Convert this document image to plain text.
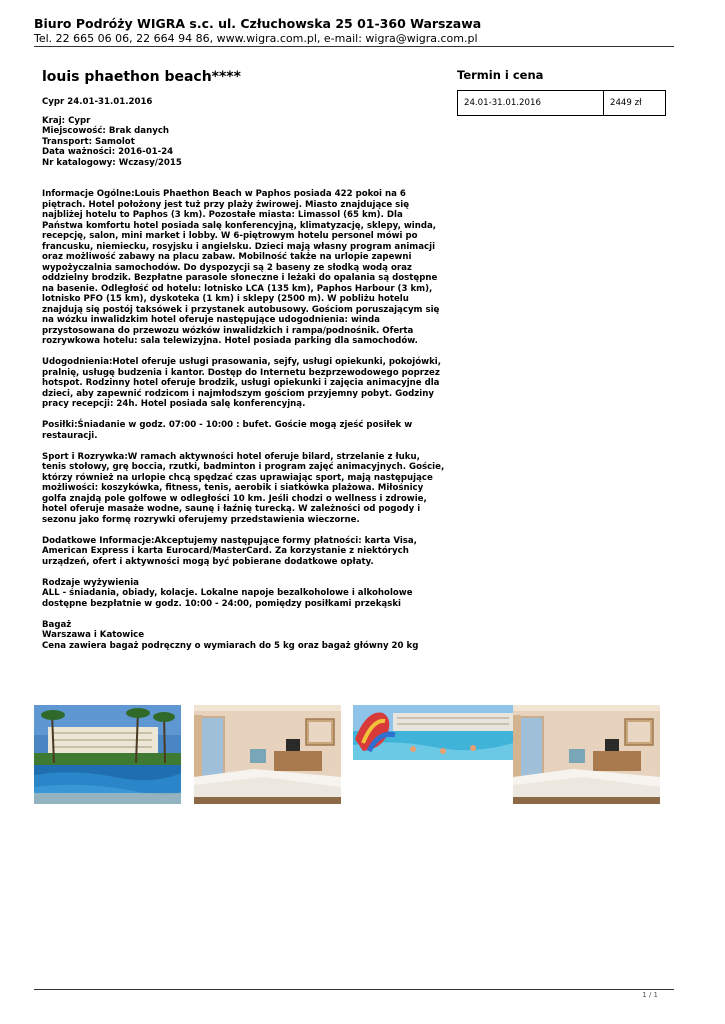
Biuro Podróży WIGRA s.c. ul. Człuchowska 25 01-360 Warszawa
Tel. 22 665 06 06, 22 664 94 86, www.wigra.com.pl, e-mail: wigra@wigra.com.pl
louis phaethon beach****
Cypr 24.01-31.01.2016
Kraj: Cypr
Miejscowość: Brak danych
Transport: Samolot
Data ważności: 2016-01-24
Nr katalogowy: Wczasy/2015
Informacje Ogólne:Louis Phaethon Beach w Paphos posiada 422 pokoi na 6
piętrach. Hotel położony jest tuż przy plaży żwirowej. Miasto znajdujące się
najbliżej hotelu to Paphos (3 km). Pozostałe miasta: Limassol (65 km). Dla
Państwa komfortu hotel posiada salę konferencyjną, klimatyzację, sklepy, winda,
recepcję, salon, mini market i lobby. W 6-piętrowym hotelu personel mówi po
francusku, niemiecku, rosyjsku i angielsku. Dzieci mają własny program animacji
oraz możliwość zabawy na placu zabaw. Mobilność także na urlopie zapewni
wypożyczalnia samochodów. Do dyspozycji są 2 baseny ze słodką wodą oraz
oddzielny brodzik. Bezpłatne parasole słoneczne i leżaki do opalania są dostępne
na basenie. Odległość od hotelu: lotnisko LCA (135 km), Paphos Harbour (3 km),
lotnisko PFO (15 km), dyskoteka (1 km) i sklepy (2500 m). W pobliżu hotelu
znajdują się postój taksówek i przystanek autobusowy. Gościom poruszającym się
na wózku inwalidzkim hotel oferuje następujące udogodnienia: winda
przystosowana do przewozu wózków inwalidzkich i rampa/podnośnik. Oferta
rozrywkowa hotelu: sala telewizyjna. Hotel posiada parking dla samochodów.
Udogodnienia:Hotel oferuje usługi prasowania, sejfy, usługi opiekunki, pokojówki,
pralnię, usługę budzenia i kantor. Dostęp do Internetu bezprzewodowego poprzez
hotspot. Rodzinny hotel oferuje brodzik, usługi opiekunki i zajęcia animacyjne dla
dzieci, aby zapewnić rodzicom i najmłodszym gościom przyjemny pobyt. Godziny
pracy recepcji: 24h. Hotel posiada salę konferencyjną.
Posiłki:Śniadanie w godz. 07:00 - 10:00 : bufet. Goście mogą zjeść posiłek w
restauracji.
Sport i Rozrywka:W ramach aktywności hotel oferuje bilard, strzelanie z łuku,
tenis stołowy, grę boccia, rzutki, badminton i program zajęć animacyjnych. Goście,
którzy również na urlopie chcą spędzać czas uprawiając sport, mają następujące
możliwości: koszykówka, fitness, tenis, aerobik i siatkówka plażowa. Miłośnicy
golfa znajdą pole golfowe w odległości 10 km. Jeśli chodzi o wellness i zdrowie,
hotel oferuje masaże wodne, saunę i łaźnię turecką. W zależności od pogody i
sezonu jako formę rozrywki oferujemy przedstawienia wieczorne.
Dodatkowe Informacje:Akceptujemy następujące formy płatności: karta Visa,
American Express i karta Eurocard/MasterCard. Za korzystanie z niektórych
urządzeń, ofert i aktywności mogą być pobierane dodatkowe opłaty.
Rodzaje wyżywienia
ALL - śniadania, obiady, kolacje. Lokalne napoje bezalkoholowe i alkoholowe
dostępne bezpłatnie w godz. 10:00 - 24:00, pomiędzy posiłkami przekąski
Bagaż
Warszawa i Katowice
Cena zawiera bagaż podręczny o wymiarach do 5 kg oraz bagaż główny 20 kg
Termin i cena
24.01-31.01.2016	2449 zł
1 / 1
